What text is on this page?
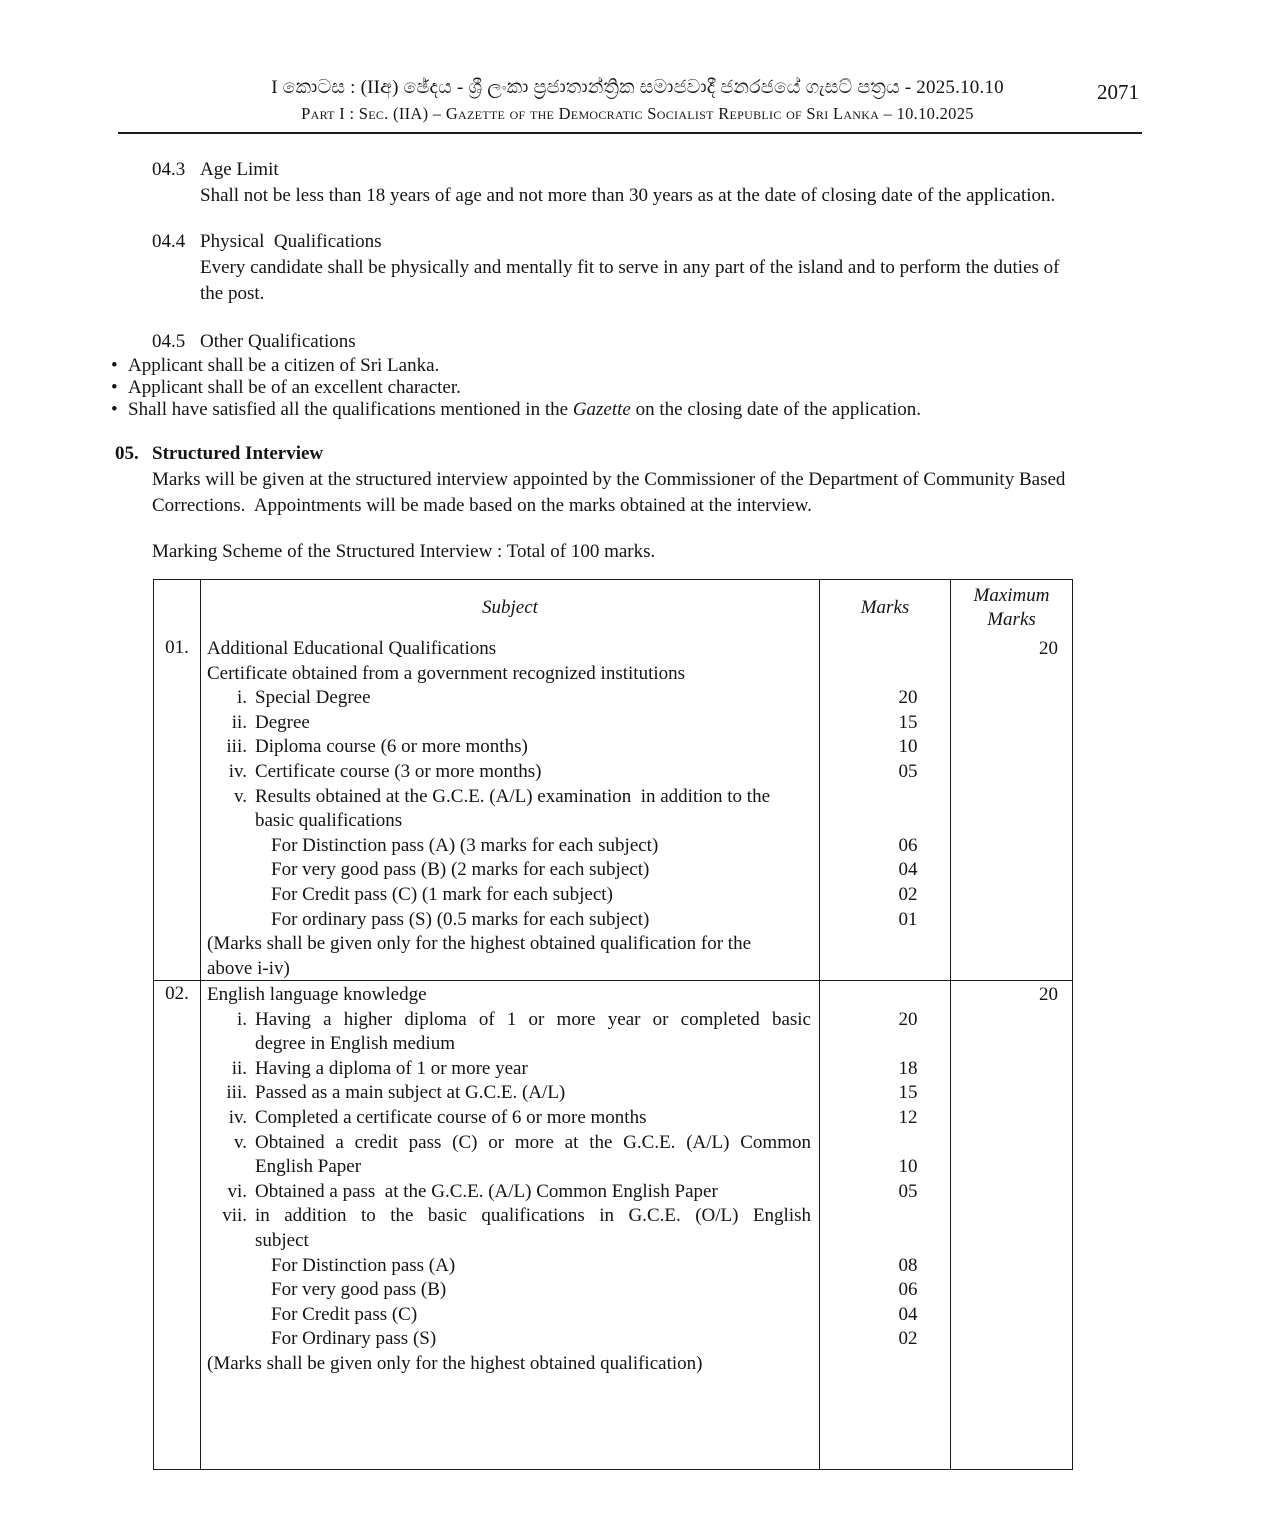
I කොටස : (IIඅ) ඡේදය - ශ්‍රී ලංකා ප්‍රජාතාන්ත්‍රික සමාජවාදී ජනරජයේ ගැසට් පත්‍රය - 2025.10.10
Part I : Sec. (IIA) – Gazette of the Democratic Socialist Republic of Sri Lanka – 10.10.2025
2071
04.3 Age Limit
Shall not be less than 18 years of age and not more than 30 years as at the date of closing date of the application.
04.4 Physical  Qualifications
Every candidate shall be physically and mentally fit to serve in any part of the island and to perform the duties of
the post.
04.5 Other Qualifications
• Applicant shall be a citizen of Sri Lanka.
• Applicant shall be of an excellent character.
• Shall have satisfied all the qualifications mentioned in the Gazette on the closing date of the application.
05. Structured Interview
Marks will be given at the structured interview appointed by the Commissioner of the Department of Community Based
Corrections.  Appointments will be made based on the marks obtained at the interview.
Marking Scheme of the Structured Interview : Total of 100 marks.
Subject	Marks
Maximum Marks
01. Additional Educational Qualifications
Certificate obtained from a government recognized institutions
i. Special Degree
ii. Degree
iii. Diploma course (6 or more months)
iv. Certificate course (3 or more months)
v. Results obtained at the G.C.E. (A/L) examination  in addition to the
basic qualifications
For Distinction pass (A) (3 marks for each subject)
For very good pass (B) (2 marks for each subject)
For Credit pass (C) (1 mark for each subject)
For ordinary pass (S) (0.5 marks for each subject)
(Marks shall be given only for the highest obtained qualification for the
above i-iv)

20
15
10
05

06
04
02
01

20
02. English language knowledge
i. Having a higher diploma of 1 or more year or completed basic
degree in English medium
ii. Having a diploma of 1 or more year
iii. Passed as a main subject at G.C.E. (A/L)
iv. Completed a certificate course of 6 or more months
v. Obtained a credit pass (C) or more at the G.C.E. (A/L) Common
English Paper
vi. Obtained a pass  at the G.C.E. (A/L) Common English Paper
vii. in addition to the basic qualifications in G.C.E. (O/L) English
subject
For Distinction pass (A)
For very good pass (B)
For Credit pass (C)
For Ordinary pass (S)
(Marks shall be given only for the highest obtained qualification)

20

18
15
12

10
05

08
06
04
02

20
